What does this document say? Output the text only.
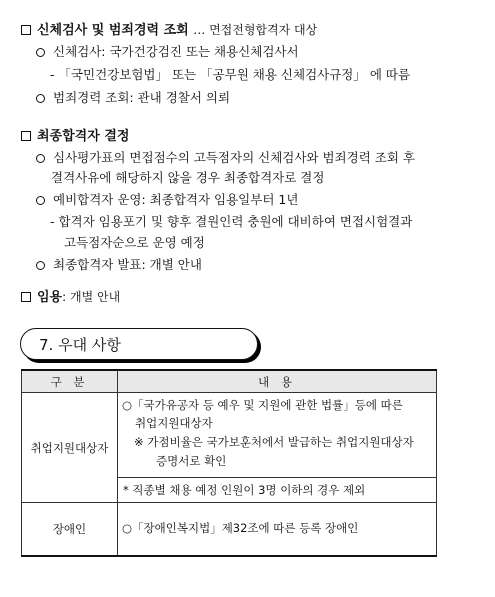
신체검사 및 범죄경력 조회 … 면접전형합격자 대상
신체검사: 국가건강검진 또는 채용신체검사서
- 「국민건강보험법」 또는 「공무원 채용 신체검사규정」 에 따름
범죄경력 조회: 관내 경찰서 의뢰
최종합격자 결정
심사평가표의 면접점수의 고득점자의 신체검사와 범죄경력 조회 후
결격사유에 해당하지 않을 경우 최종합격자로 결정
예비합격자 운영: 최종합격자 임용일부터 1년
- 합격자 임용포기 및 향후 결원인력 충원에 대비하여 면접시험결과
고득점자순으로 운영 예정
최종합격자 발표: 개별 안내
임용: 개별 안내
7. 우대 사항
구 분	내 용
취업지원대상자	○「국가유공자 등 예우 및 지원에 관한 법률」등에 따른
취업지원대상자
※ 가점비율은 국가보훈처에서 발급하는 취업지원대상자
증명서로 확인

	* 직종별 채용 예정 인원이 3명 이하의 경우 제외
장애인	○「장애인복지법」제32조에 따른 등록 장애인
